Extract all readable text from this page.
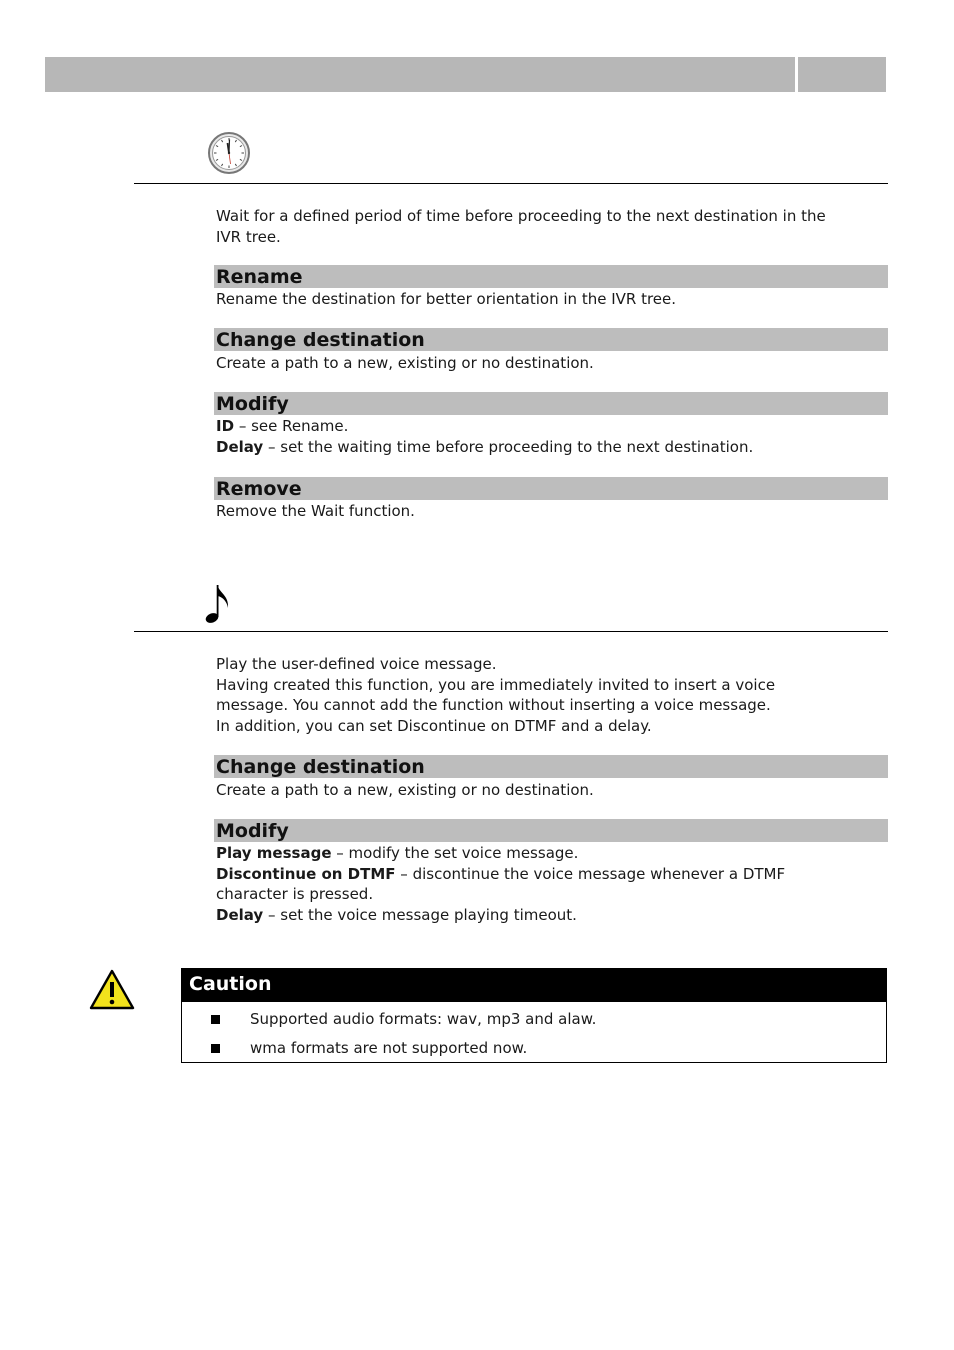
Wait for a defined period of time before proceeding to the next destination in the
IVR tree.

Rename

Rename the destination for better orientation in the IVR tree.

Change destination

Create a path to a new, existing or no destination.

Modify

ID – see Rename.
Delay – set the waiting time before proceeding to the next destination.

Remove

Remove the Wait function.

Play the user-defined voice message.
Having created this function, you are immediately invited to insert a voice
message. You cannot add the function without inserting a voice message.
In addition, you can set Discontinue on DTMF and a delay.

Change destination

Create a path to a new, existing or no destination.

Modify

Play message – modify the set voice message.
Discontinue on DTMF – discontinue the voice message whenever a DTMF
character is pressed.
Delay – set the voice message playing timeout.

Caution
Supported audio formats: wav, mp3 and alaw.
wma formats are not supported now.
